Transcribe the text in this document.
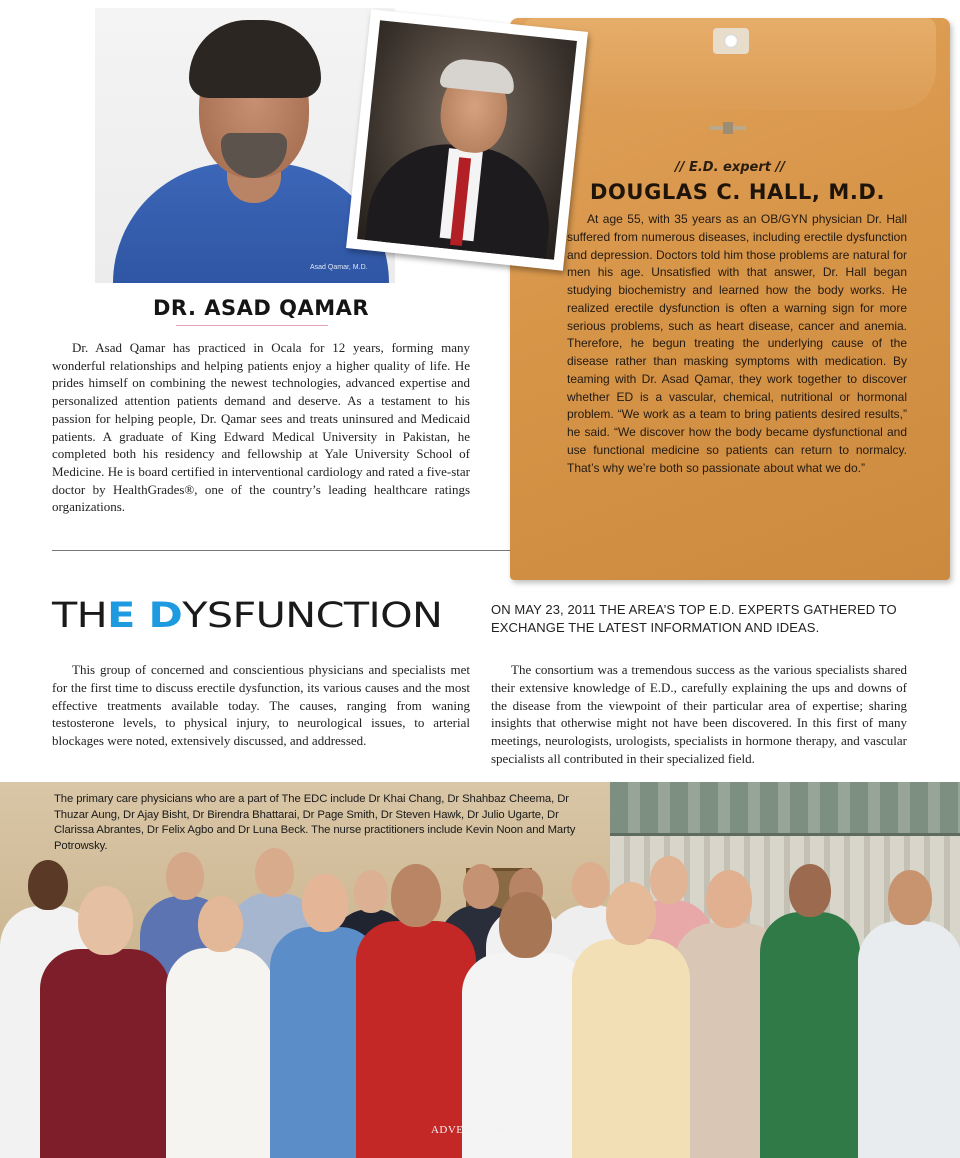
Asad Qamar, M.D.
DR. ASAD QAMAR

Dr. Asad Qamar has practiced in Ocala for 12 years, forming many wonderful relationships and helping patients enjoy a higher quality of life. He prides himself on combining the newest technologies, advanced expertise and personalized attention patients demand and deserve. As a testament to his passion for helping people, Dr. Qamar sees and treats uninsured and Medicaid patients. A graduate of King Edward Medical University in Pakistan, he completed both his residency and fellowship at Yale University School of Medicine. He is board certified in interventional cardiology and rated a five-star doctor by HealthGrades®, one of the country’s leading healthcare ratings organizations.

// E.D. expert //
DOUGLAS C. HALL, M.D.

At age 55, with 35 years as an OB/GYN physician Dr. Hall suffered from numerous diseases, including erectile dysfunction and depression. Doctors told him those problems are natural for men his age. Unsatisfied with that answer, Dr. Hall began studying biochemistry and learned how the body works. He realized erectile dysfunction is often a warning sign for more serious problems, such as heart disease, cancer and anemia. Therefore, he begun treating the underlying cause of the disease rather than masking symptoms with medication. By teaming with Dr. Asad Qamar, they work together to discover whether ED is a vascular, chemical, nutritional or hormonal problem. “We work as a team to bring patients desired results,” he said. “We discover how the body became dysfunctional and use functional medicine so patients can return to normalcy. That’s why we’re both so passionate about what we do.”

THE DYSFUNCTION	ON MAY 23, 2011 THE AREA’S TOP E.D. EXPERTS GATHERED TO EXCHANGE THE LATEST INFORMATION AND IDEAS.

This group of concerned and conscientious physicians and specialists met for the first time to discuss erectile dysfunction, its various causes and the most effective treatments available today. The causes, ranging from waning testosterone levels, to physical injury, to neurological issues, to arterial blockages were noted, extensively discussed, and addressed.

The consortium was a tremendous success as the various specialists shared their extensive knowledge of E.D., carefully explaining the ups and downs of the disease from the viewpoint of their particular area of expertise; sharing insights that otherwise might not have been discovered. In this first of many meetings, neurologists, urologists, specialists in hormone therapy, and vascular specialists all contributed in their specialized field.

The primary care physicians who are a part of The EDC include Dr Khai Chang, Dr Shahbaz Cheema, Dr Thuzar Aung, Dr Ajay Bisht, Dr Birendra Bhattarai, Dr Page Smith, Dr Steven Hawk, Dr Julio Ugarte, Dr Clarissa Abrantes, Dr Felix Agbo and Dr Luna Beck. The nurse practitioners include Kevin Noon and Marty Potrowsky.

ADVERTISEMENT
